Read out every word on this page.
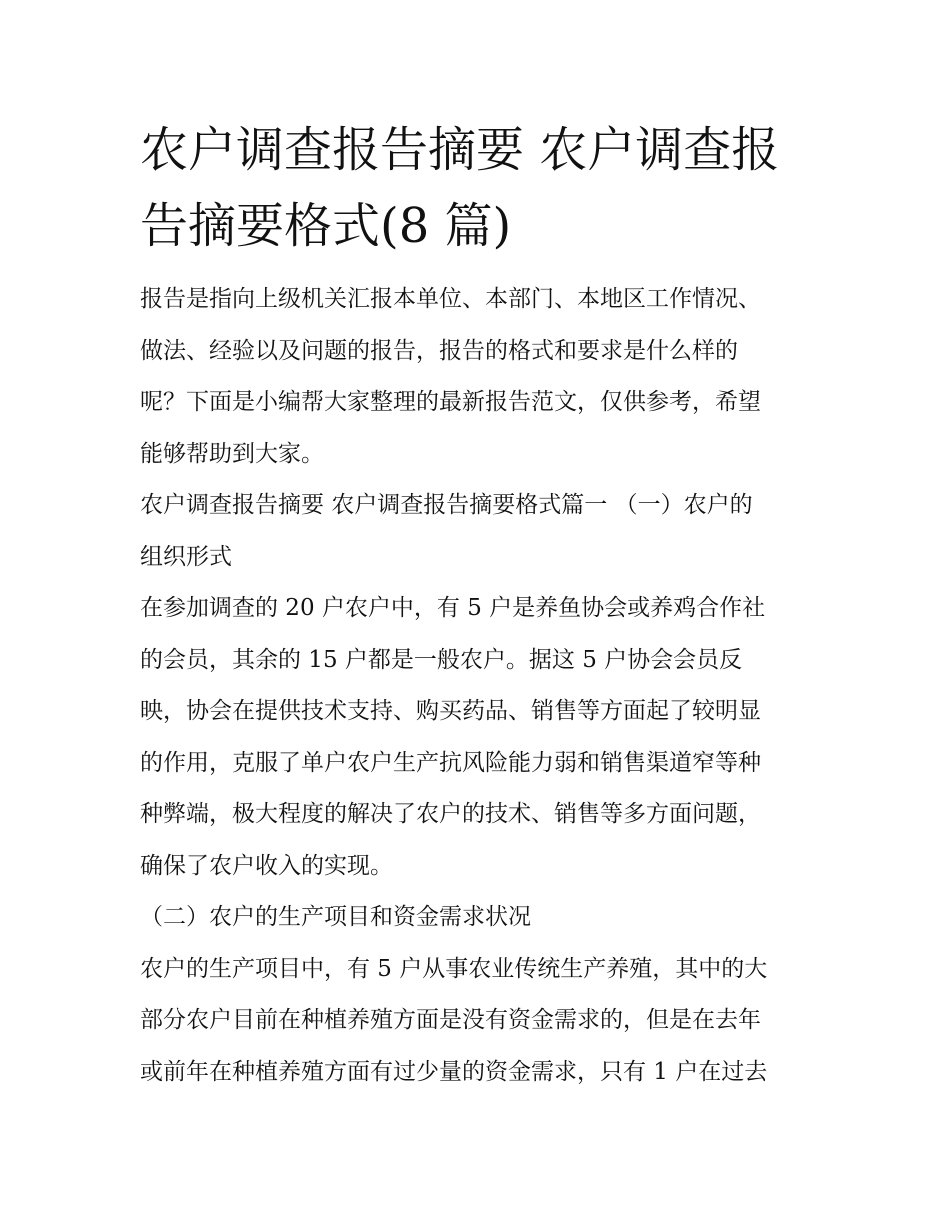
农户调查报告摘要 农户调查报
告摘要格式(8 篇)

报告是指向上级机关汇报本单位、本部门、本地区工作情况、
做法、经验以及问题的报告，报告的格式和要求是什么样的
呢？下面是小编帮大家整理的最新报告范文，仅供参考，希望
能够帮助到大家。

农户调查报告摘要 农户调查报告摘要格式篇一 （一）农户的
组织形式

在参加调查的 20 户农户中，有 5 户是养鱼协会或养鸡合作社
的会员，其余的 15 户都是一般农户。据这 5 户协会会员反
映，协会在提供技术支持、购买药品、销售等方面起了较明显
的作用，克服了单户农户生产抗风险能力弱和销售渠道窄等种
种弊端，极大程度的解决了农户的技术、销售等多方面问题，
确保了农户收入的实现。

（二）农户的生产项目和资金需求状况

农户的生产项目中，有 5 户从事农业传统生产养殖，其中的大
部分农户目前在种植养殖方面是没有资金需求的，但是在去年
或前年在种植养殖方面有过少量的资金需求，只有 1 户在过去
